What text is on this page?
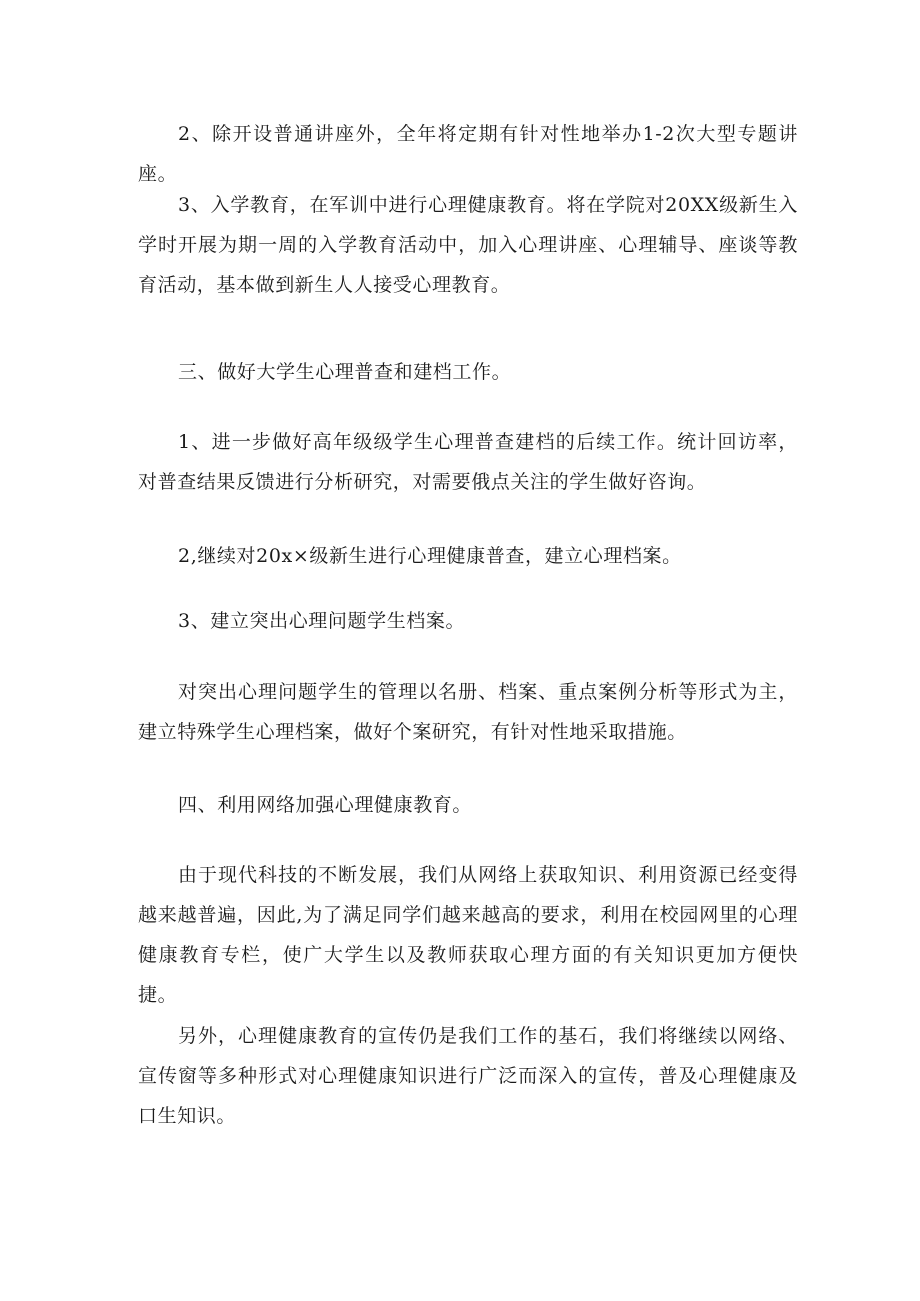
2、除开设普通讲座外，全年将定期有针对性地举办1-2次大型专题讲座。

3、入学教育，在军训中进行心理健康教育。将在学院对20XX级新生入学时开展为期一周的入学教育活动中，加入心理讲座、心理辅导、座谈等教育活动，基本做到新生人人接受心理教育。

三、做好大学生心理普查和建档工作。

1、进一步做好高年级级学生心理普查建档的后续工作。统计回访率，对普查结果反馈进行分析研究，对需要俄点关注的学生做好咨询。

2,继续对20x×级新生进行心理健康普查，建立心理档案。

3、建立突出心理问题学生档案。

对突出心理问题学生的管理以名册、档案、重点案例分析等形式为主，建立特殊学生心理档案，做好个案研究，有针对性地采取措施。

四、利用网络加强心理健康教育。

由于现代科技的不断发展，我们从网络上获取知识、利用资源已经变得越来越普遍，因此,为了满足同学们越来越高的要求，利用在校园网里的心理健康教育专栏，使广大学生以及教师获取心理方面的有关知识更加方便快捷。

另外，心理健康教育的宣传仍是我们工作的基石，我们将继续以网络、宣传窗等多种形式对心理健康知识进行广泛而深入的宣传，普及心理健康及口生知识。
